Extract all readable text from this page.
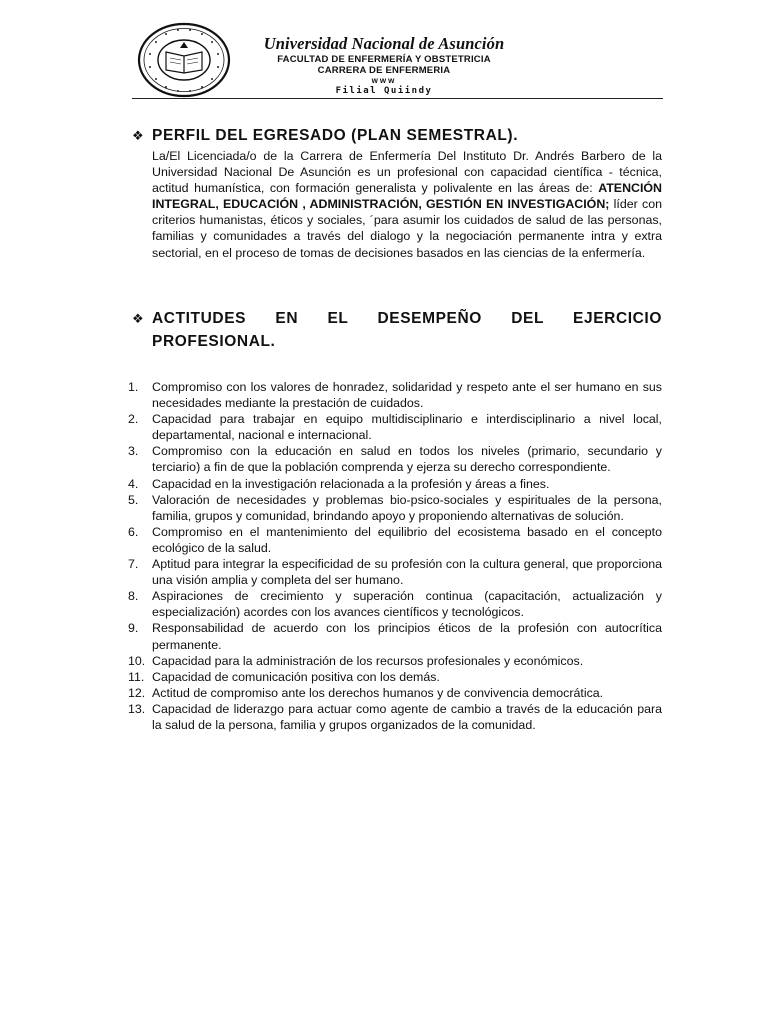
Universidad Nacional de Asunción
FACULTAD DE ENFERMERÍA Y OBSTETRICIA
CARRERA DE ENFERMERIA
www
Filial Quiindy
❖ PERFIL DEL EGRESADO (PLAN SEMESTRAL).
La/El Licenciada/o de la Carrera de Enfermería Del Instituto Dr. Andrés Barbero de la Universidad Nacional De Asunción es un profesional con capacidad científica - técnica, actitud humanística, con formación generalista y polivalente en las áreas de: ATENCIÓN INTEGRAL, EDUCACIÓN , ADMINISTRACIÓN, GESTIÓN EN INVESTIGACIÓN; líder con criterios humanistas, éticos y sociales, ´para asumir los cuidados de salud de las personas, familias y comunidades a través del dialogo y la negociación permanente intra y extra sectorial, en el proceso de tomas de decisiones basados en las ciencias de la enfermería.
❖ ACTITUDES EN EL DESEMPEÑO DEL EJERCICIO
PROFESIONAL.
1.	Compromiso con los valores de honradez, solidaridad y respeto ante el ser humano en sus necesidades mediante la prestación de cuidados.
2.	Capacidad para trabajar en equipo multidisciplinario e interdisciplinario a nivel local, departamental, nacional e internacional.
3.	Compromiso con la educación en salud en todos los niveles (primario, secundario y terciario) a fin de que la población comprenda y ejerza su derecho correspondiente.
4.	Capacidad en la investigación relacionada a la profesión y áreas a fines.
5.	Valoración de necesidades y problemas bio-psico-sociales y espirituales de la persona, familia, grupos y comunidad, brindando apoyo y proponiendo alternativas de solución.
6.	Compromiso en el mantenimiento del equilibrio del ecosistema basado en el concepto ecológico de la salud.
7.	Aptitud para integrar la especificidad de su profesión con la cultura general, que proporciona una visión amplia y completa del ser humano.
8.	Aspiraciones de crecimiento y superación continua (capacitación, actualización y especialización) acordes con los avances científicos y tecnológicos.
9.	Responsabilidad de acuerdo con los principios éticos de la profesión con autocrítica permanente.
10. Capacidad para la administración de los recursos profesionales y económicos.
11. Capacidad de comunicación positiva con los demás.
12. Actitud de compromiso ante los derechos humanos y de convivencia democrática.
13. Capacidad de liderazgo para actuar como agente de cambio a través de la educación para la salud de la persona, familia y grupos organizados de la comunidad.
